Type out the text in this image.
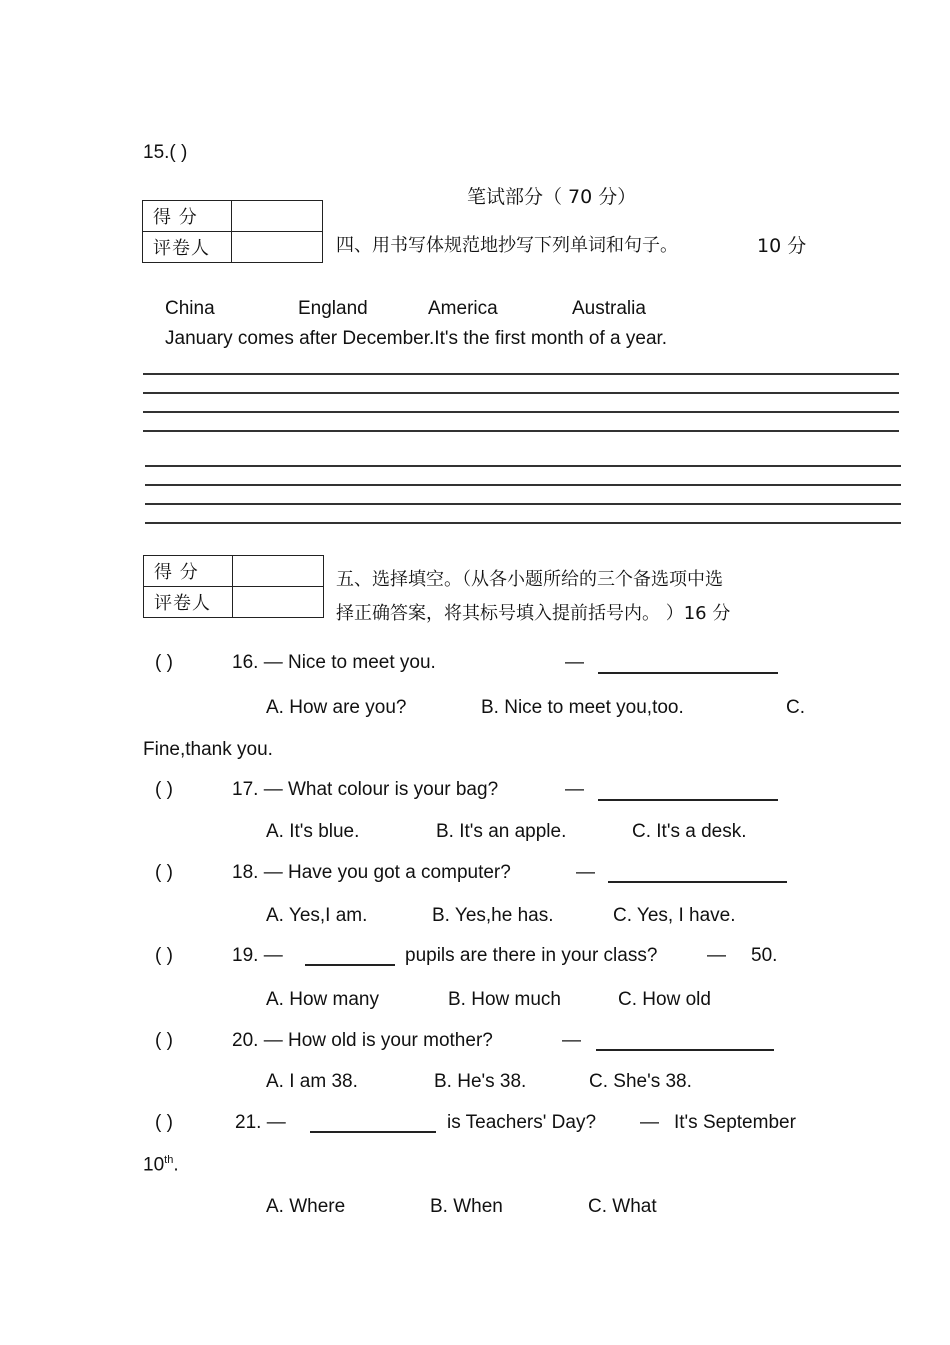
15.( )
笔试部分（ 70 分）
得 分	
评卷人		四、用书写体规范地抄写下列单词和句子。	10 分
China	England	America	Australia
January comes after December.It's the first month of a year.
得 分	
评卷人	
五、选择填空。（从各小题所给的三个备选项中选
择正确答案，将其标号填入提前括号内。 ）16 分
( )	16. — Nice to meet you.	—
A. How are you?	B. Nice to meet you,too.	C.
Fine,thank you.
( )	17. — What colour is your bag?	—
A. It's blue.	B. It's an apple.	C. It's a desk.
( )	18. — Have you got a computer?	—
A. Yes,I am.	B. Yes,he has.	C. Yes, I have.
( )	19. —	pupils are there in your class?	— 50.
A. How many	B. How much	C. How old
( )	20. — How old is your mother?	—
A. I am 38.	B. He's 38.	C. She's 38.
( )	21. —	is Teachers' Day? — It's September
10th.
A. Where	B. When	C. What
